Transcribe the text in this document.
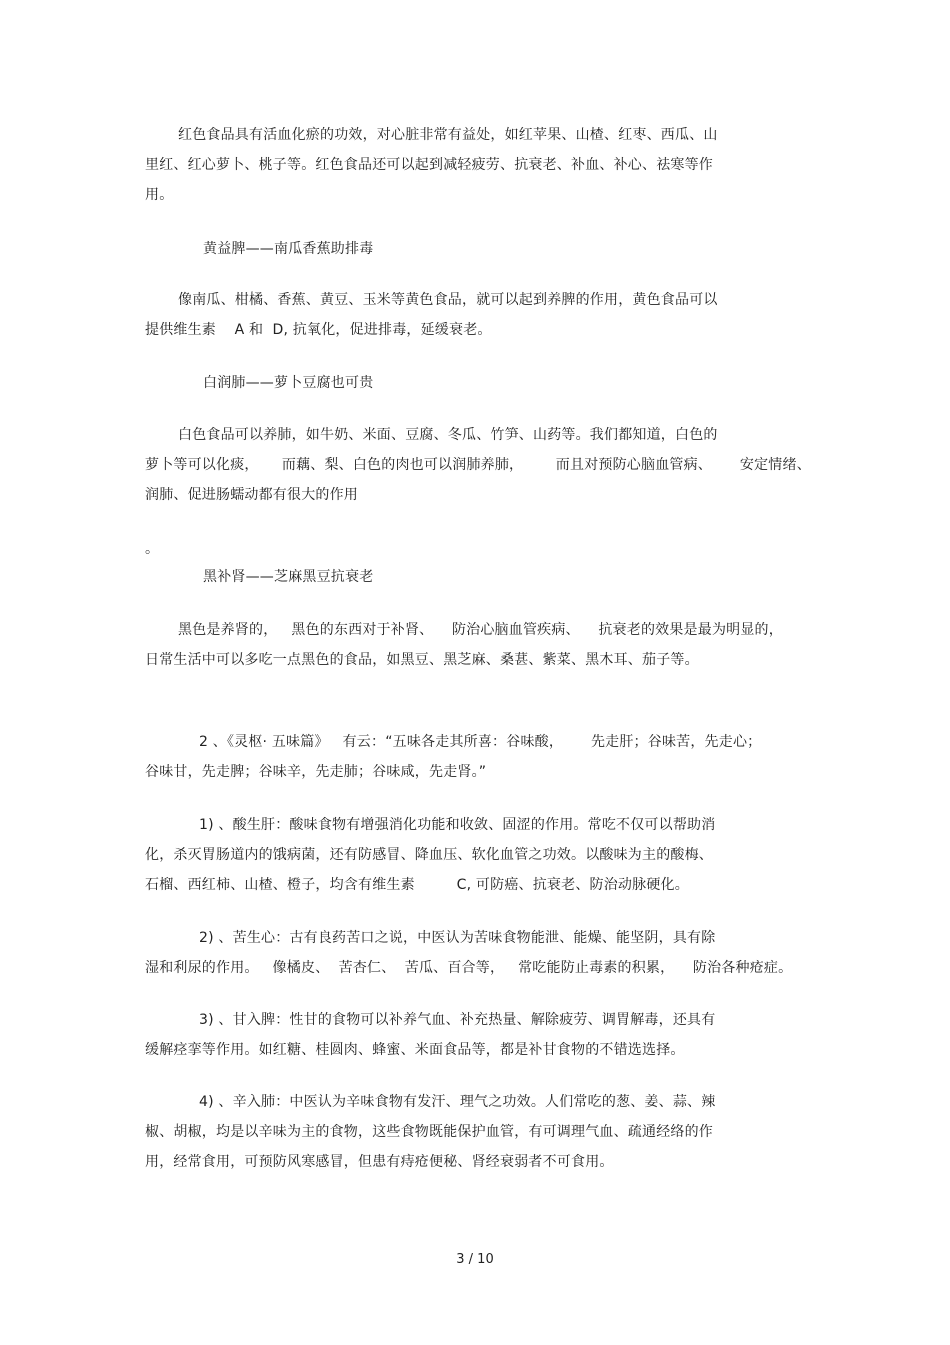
红色食品具有活血化瘀的功效，对心脏非常有益处，如红苹果、山楂、红枣、西瓜、山
里红、红心萝卜、桃子等。红色食品还可以起到减轻疲劳、抗衰老、补血、补心、祛寒等作
用。
黄益脾——南瓜香蕉助排毒
像南瓜、柑橘、香蕉、黄豆、玉米等黄色食品，就可以起到养脾的作用，黄色食品可以
提供维生素    A 和  D, 抗氧化，促进排毒，延缓衰老。
白润肺——萝卜豆腐也可贵
白色食品可以养肺，如牛奶、米面、豆腐、冬瓜、竹笋、山药等。我们都知道，白色的
萝卜等可以化痰，     而藕、梨、白色的肉也可以润肺养肺，       而且对预防心脑血管病、      安定情绪、
润肺、促进肠蠕动都有很大的作用
。
黑补肾——芝麻黑豆抗衰老
黑色是养肾的，   黑色的东西对于补肾、    防治心脑血管疾病、    抗衰老的效果是最为明显的，
日常生活中可以多吃一点黑色的食品，如黑豆、黑芝麻、桑葚、紫菜、黑木耳、茄子等。
2 、《灵枢· 五味篇》   有云：“五味各走其所喜：谷味酸，      先走肝；谷味苦，先走心；
谷味甘，先走脾；谷味辛，先走肺；谷味咸，先走肾。”
1) 、酸生肝：酸味食物有增强消化功能和收敛、固涩的作用。常吃不仅可以帮助消
化，杀灭胃肠道内的饿病菌，还有防感冒、降血压、软化血管之功效。以酸味为主的酸梅、
石榴、西红柿、山楂、橙子，均含有维生素         C, 可防癌、抗衰老、防治动脉硬化。
2) 、苦生心：古有良药苦口之说，中医认为苦味食物能泄、能燥、能坚阴，具有除
湿和利尿的作用。   像橘皮、  苦杏仁、  苦瓜、百合等，   常吃能防止毒素的积累，    防治各种疮症。
3) 、甘入脾：性甘的食物可以补养气血、补充热量、解除疲劳、调胃解毒，还具有
缓解痉挛等作用。如红糖、桂圆肉、蜂蜜、米面食品等，都是补甘食物的不错选选择。
4) 、辛入肺：中医认为辛味食物有发汗、理气之功效。人们常吃的葱、姜、蒜、辣
椒、胡椒，均是以辛味为主的食物，这些食物既能保护血管，有可调理气血、疏通经络的作
用，经常食用，可预防风寒感冒，但患有痔疮便秘、肾经衰弱者不可食用。
3 / 10
